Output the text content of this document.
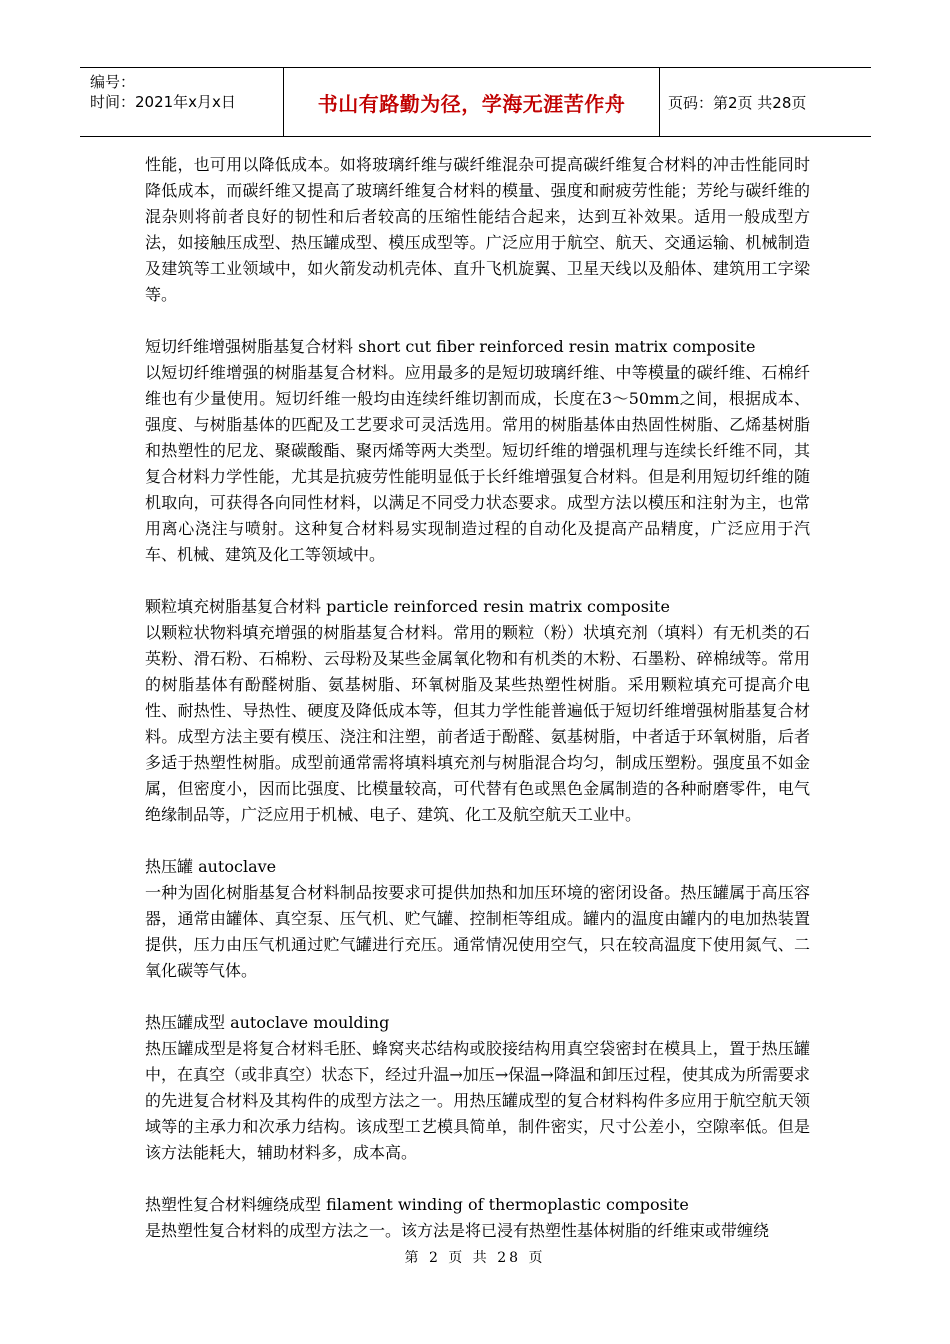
编号：
时间：2021年x月x日	书山有路勤为径，学海无涯苦作舟	页码：第2页 共28页

性能，也可用以降低成本。如将玻璃纤维与碳纤维混杂可提高碳纤维复合材料的冲击性能同时降低成本，而碳纤维又提高了玻璃纤维复合材料的模量、强度和耐疲劳性能；芳纶与碳纤维的混杂则将前者良好的韧性和后者较高的压缩性能结合起来，达到互补效果。适用一般成型方法，如接触压成型、热压罐成型、模压成型等。广泛应用于航空、航天、交通运输、机械制造及建筑等工业领域中，如火箭发动机壳体、直升飞机旋翼、卫星天线以及船体、建筑用工字梁等。

短切纤维增强树脂基复合材料 short cut fiber reinforced resin matrix composite

以短切纤维增强的树脂基复合材料。应用最多的是短切玻璃纤维、中等模量的碳纤维、石棉纤维也有少量使用。短切纤维一般均由连续纤维切割而成，长度在3～50mm之间，根据成本、强度、与树脂基体的匹配及工艺要求可灵活选用。常用的树脂基体由热固性树脂、乙烯基树脂和热塑性的尼龙、聚碳酸酯、聚丙烯等两大类型。短切纤维的增强机理与连续长纤维不同，其复合材料力学性能，尤其是抗疲劳性能明显低于长纤维增强复合材料。但是利用短切纤维的随机取向，可获得各向同性材料，以满足不同受力状态要求。成型方法以模压和注射为主，也常用离心浇注与喷射。这种复合材料易实现制造过程的自动化及提高产品精度，广泛应用于汽车、机械、建筑及化工等领域中。

颗粒填充树脂基复合材料 particle reinforced resin matrix composite

以颗粒状物料填充增强的树脂基复合材料。常用的颗粒（粉）状填充剂（填料）有无机类的石英粉、滑石粉、石棉粉、云母粉及某些金属氧化物和有机类的木粉、石墨粉、碎棉绒等。常用的树脂基体有酚醛树脂、氨基树脂、环氧树脂及某些热塑性树脂。采用颗粒填充可提高介电性、耐热性、导热性、硬度及降低成本等，但其力学性能普遍低于短切纤维增强树脂基复合材料。成型方法主要有模压、浇注和注塑，前者适于酚醛、氨基树脂，中者适于环氧树脂，后者多适于热塑性树脂。成型前通常需将填料填充剂与树脂混合均匀，制成压塑粉。强度虽不如金属，但密度小，因而比强度、比模量较高，可代替有色或黑色金属制造的各种耐磨零件，电气绝缘制品等，广泛应用于机械、电子、建筑、化工及航空航天工业中。

热压罐 autoclave

一种为固化树脂基复合材料制品按要求可提供加热和加压环境的密闭设备。热压罐属于高压容器，通常由罐体、真空泵、压气机、贮气罐、控制柜等组成。罐内的温度由罐内的电加热装置提供，压力由压气机通过贮气罐进行充压。通常情况使用空气，只在较高温度下使用氮气、二氧化碳等气体。

热压罐成型 autoclave moulding

热压罐成型是将复合材料毛胚、蜂窝夹芯结构或胶接结构用真空袋密封在模具上，置于热压罐中，在真空（或非真空）状态下，经过升温→加压→保温→降温和卸压过程，使其成为所需要求的先进复合材料及其构件的成型方法之一。用热压罐成型的复合材料构件多应用于航空航天领域等的主承力和次承力结构。该成型工艺模具简单，制件密实，尺寸公差小，空隙率低。但是该方法能耗大，辅助材料多，成本高。

热塑性复合材料缠绕成型 filament winding of thermoplastic composite

是热塑性复合材料的成型方法之一。该方法是将已浸有热塑性基体树脂的纤维束或带缠绕

第 2 页 共 28 页
